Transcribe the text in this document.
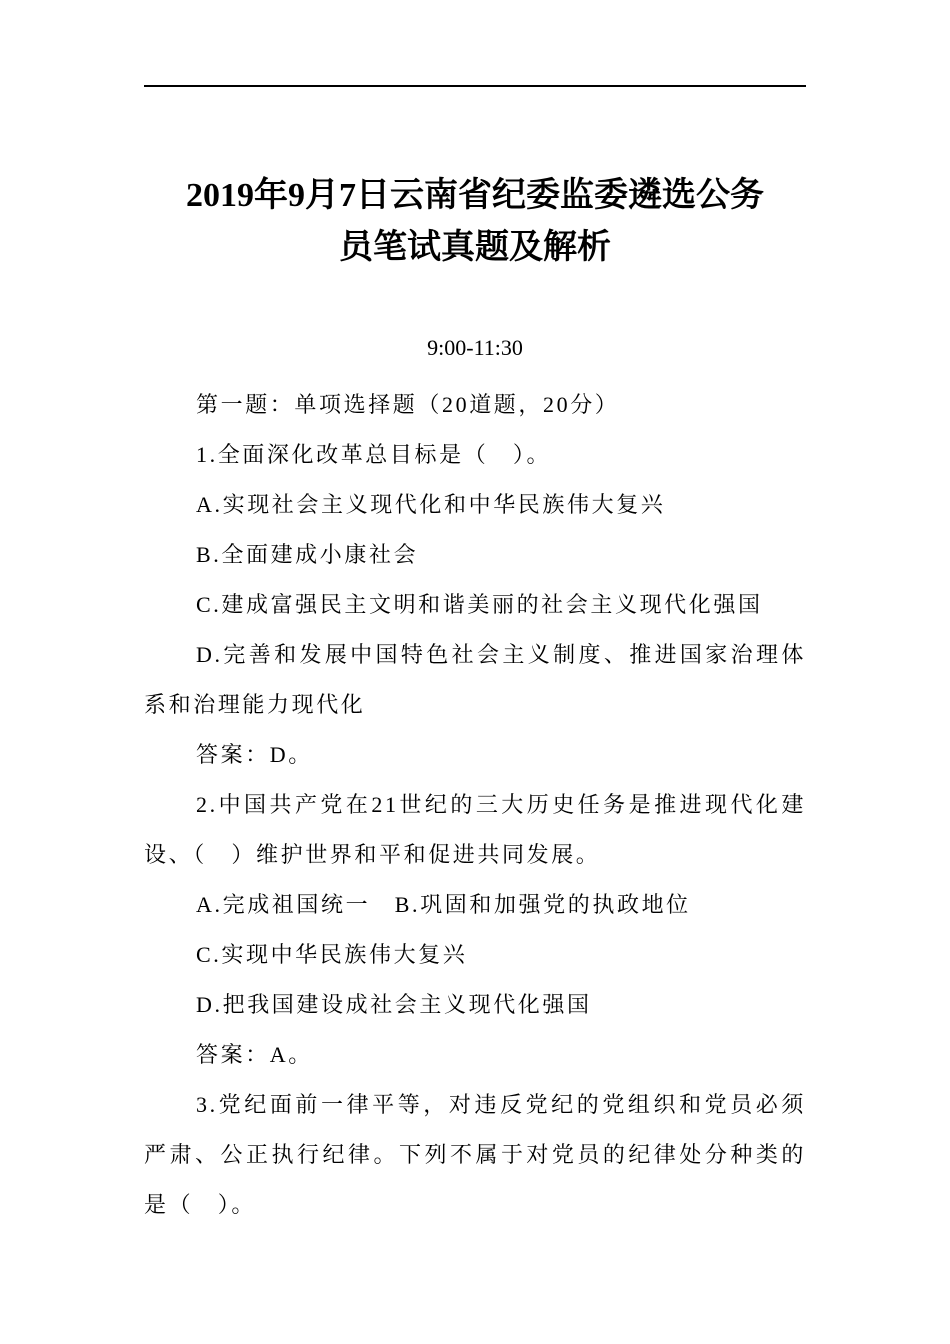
2019年9月7日云南省纪委监委遴选公务
员笔试真题及解析
9:00-11:30

第一题：单项选择题（20道题，20分）

1.全面深化改革总目标是（　）。

A.实现社会主义现代化和中华民族伟大复兴

B.全面建成小康社会

C.建成富强民主文明和谐美丽的社会主义现代化强国

D.完善和发展中国特色社会主义制度、推进国家治理体系和治理能力现代化

答案：D。

2.中国共产党在21世纪的三大历史任务是推进现代化建设、（　）维护世界和平和促进共同发展。

A.完成祖国统一　B.巩固和加强党的执政地位

C.实现中华民族伟大复兴

D.把我国建设成社会主义现代化强国

答案：A。

3.党纪面前一律平等，对违反党纪的党组织和党员必须严肃、公正执行纪律。下列不属于对党员的纪律处分种类的是（　）。
